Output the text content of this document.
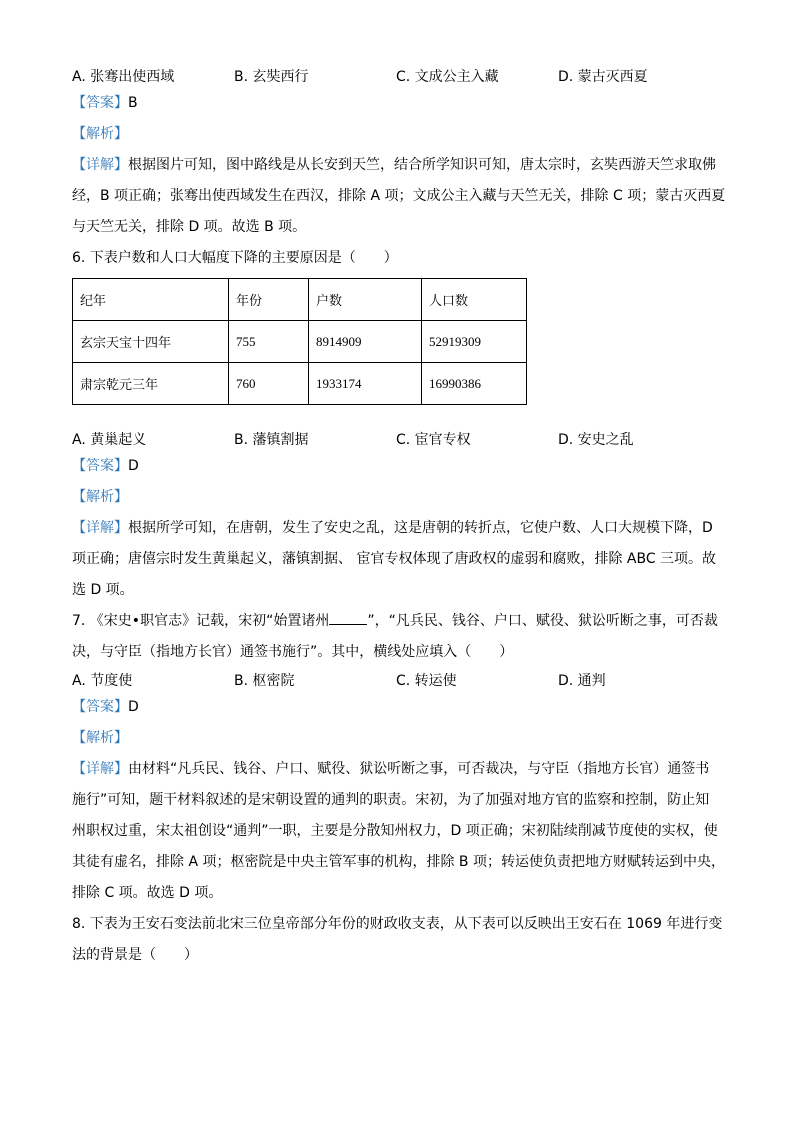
A. 张骞出使西域	B. 玄奘西行	C. 文成公主入藏	D. 蒙古灭西夏
【答案】B
【解析】
【详解】根据图片可知，图中路线是从长安到天竺，结合所学知识可知，唐太宗时，玄奘西游天竺求取佛
经，B 项正确；张骞出使西域发生在西汉，排除 A 项；文成公主入藏与天竺无关，排除 C 项；蒙古灭西夏
与天竺无关，排除 D 项。故选 B 项。
6. 下表户数和人口大幅度下降的主要原因是（　　）
纪年	年份	户数	人口数
玄宗天宝十四年	755	8914909	52919309
肃宗乾元三年	760	1933174	16990386
A. 黄巢起义	B. 藩镇割据	C. 宦官专权	D. 安史之乱
【答案】D
【解析】
【详解】根据所学可知，在唐朝，发生了安史之乱，这是唐朝的转折点，它使户数、人口大规模下降，D
项正确；唐僖宗时发生黄巢起义，藩镇割据、 宦官专权体现了唐政权的虚弱和腐败，排除 ABC 三项。故
选 D 项。
7. 《宋史•职官志》记载，宋初“始置诸州	”，“凡兵民、钱谷、户口、赋役、狱讼听断之事，可否裁
决，与守臣（指地方长官）通签书施行”。其中，横线处应填入（　　）
A. 节度使	B. 枢密院	C. 转运使	D. 通判
【答案】D
【解析】
【详解】由材料“凡兵民、钱谷、户口、赋役、狱讼听断之事，可否裁决，与守臣（指地方长官）通签书
施行”可知，题干材料叙述的是宋朝设置的通判的职责。宋初，为了加强对地方官的监察和控制，防止知
州职权过重，宋太祖创设“通判”一职，主要是分散知州权力，D 项正确；宋初陆续削减节度使的实权，使
其徒有虚名，排除 A 项；枢密院是中央主管军事的机构，排除 B 项；转运使负责把地方财赋转运到中央，
排除 C 项。故选 D 项。
8. 下表为王安石变法前北宋三位皇帝部分年份的财政收支表，从下表可以反映出王安石在 1069 年进行变
法的背景是（　　）
